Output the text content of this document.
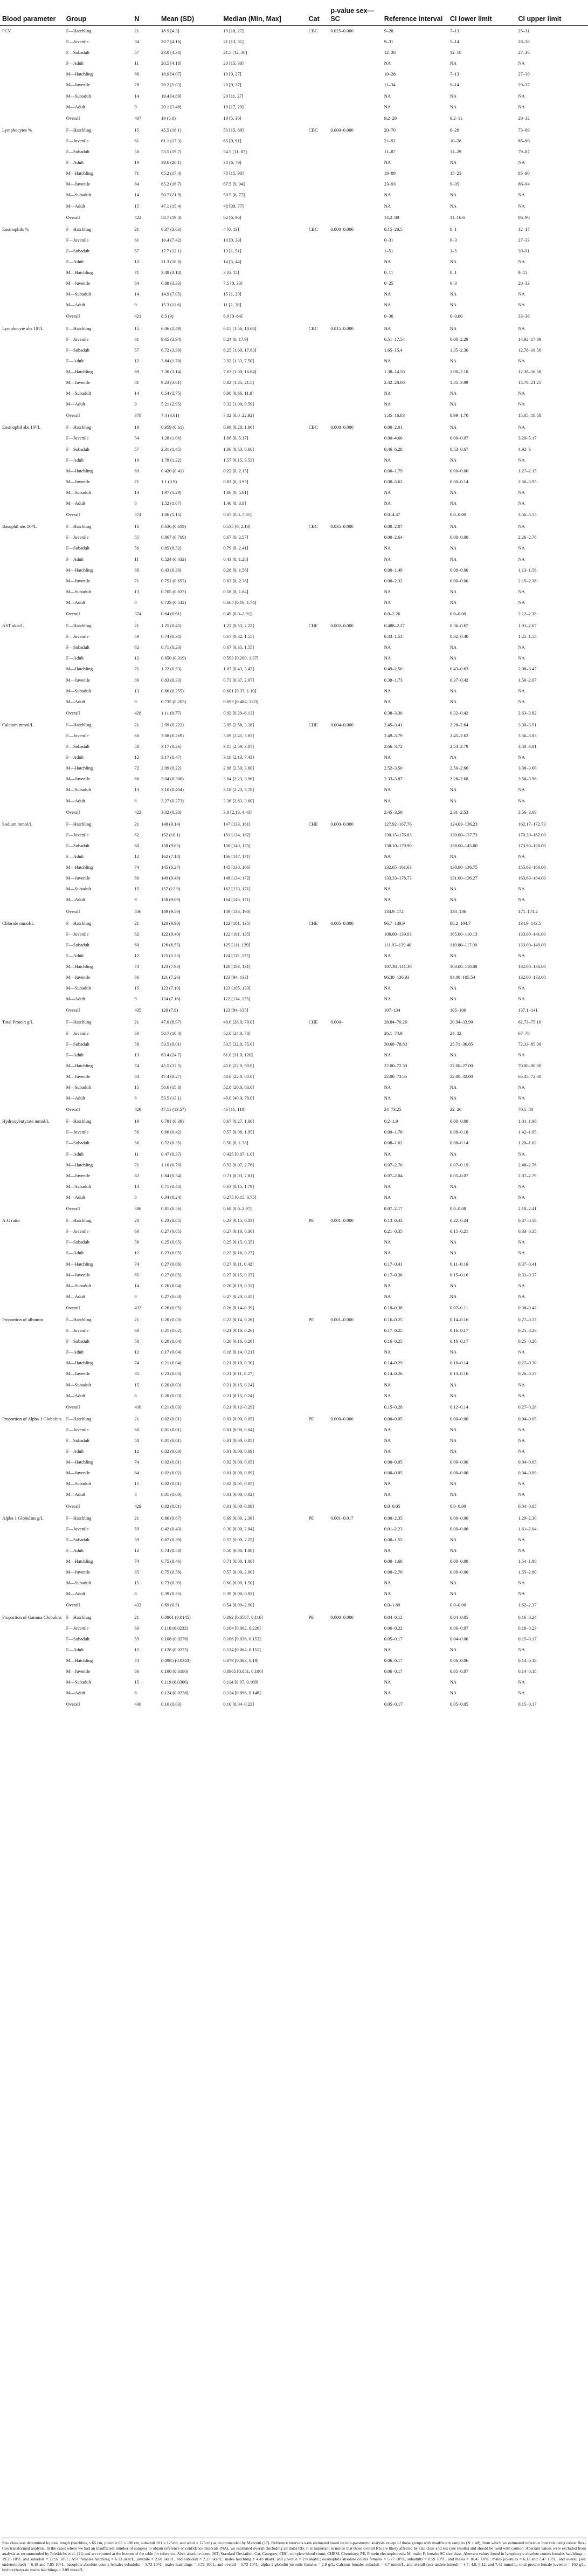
Blood parameter	Group	N	Mean (SD)	Median (Min, Max]	Cat	p-value sex—SC	Reference interval	CI lower limit	CI upper limit
PCV	F—Hatchling	21	18.9 [4.3]	19 [10, 27]	CBC	0.025–0.000	9–28	7–13	25–31
	F—Juvenile	34	20.7 [4.16]	21 [13, 31]			9–31	5–14	28–38
	F—Subadult	57	23.0 [4.30]	21.5 [12, 36]			12–36	12–18	27–36
	F—Adult	11	20.5 [4.18]	20 [15, 30]			NA	NA	NA
	M—Hatchling	68	18.9 [4.07]	19 [9, 27]			10–28	7–13	27–30
	M—Juvenile	78	20.2 [5.03]	20 [9, 37]			11–34	9–14	29–37
	M—Subadult	14	19.4 [4.89]	20 [11, 27]			NA	NA	NA
	M—Adult	9	20.1 [3.48]	19 [17, 29]			NA	NA	NA
	Overall	407	19 (5.0)	19 [5, 36]			9.2–29	8.2–11	29–32
Lymphocytes %	F—Hatchling	15	45.5 (18.1)	53 [15, 69]	CBC	0.000–0.000	20–70	8–29	73–89
	F—Juvenile	61	61.1 (17.3)	65 [9, 91]			21–92	10–28	85–90
	F—Subadult	50	53.5 (19.7)	54.5 [11, 87]			11–87	11–29	79–87
	F—Adult	19	39.6 (20.1)	34 [6, 79]			NA	NA	NA
	M—Hatchling	71	65.2 (17.4)	70 [15, 90]			19–89	15–23	85–90
	M—Juvenile	84	65.2 (16.7)	67.5 [9, 94]			23–93	9–35	86–94
	M—Subadult	14	50.7 (21.9)	50.5 [6, 77]			NA	NA	NA
	M—Adult	15	47.1 (15.4)	48 [30, 77]			NA	NA	NA
	Overall	422	58.7 (19.4)	62 [6, 96]			14.2–88	11–16.6	86–90
Eosinophils %	F—Hatchling	21	6.37 (3.63)	4 [0, 13]	CBC	0.000–0.000	0.15–20.5	0–1	12–17
	F—Juvenile	61	10.4 (7.42)	10 [0, 33]			0–31	0–3	27–33
	F—Subadult	57	17.7 (12.1)	13 [1, 51]			1–51	1–5	39–51
	F—Adult	12	21.3 (18.8)	14 [5, 44]			NA	NA	NA
	M—Hatchling	71	3.48 (3.14)	3 [0, 15]			0–11	0–1	9–15
	M—Juvenile	84	6.88 (3.33)	7.5 [0, 33]			0–25	0–3	20–33
	M—Subadult	14	14.9 (7.05)	15 [1, 29]			NA	NA	NA
	M—Adult	9	15.3 (11.6)	11 [2, 38]			NA	NA	NA
	Overall	421	8.5 (9)	6.0 [0–64]			0–36	0–0.00	33–38
Lymphocyte abs 10³/L	F—Hatchling	15	6.06 (2.49)	6.15 [1.56, 10.68]	CBC	0.015–0.000	NA	NA	NA
	F—Juvenile	61	9.65 (3.94)	8.24 [6, 17.9]			6.51–17.54	0.00–2.29	14.92–17.89
	F—Subadult	57	6.72 (3.39)	6.25 [1.60, 17.83]			1.65–15.4	1.35–2.30	12.78–16.56
	F—Adult	12	3.84 (1.70)	3.92 [1.33, 7.50]			NA	NA	NA
	M—Hatchling	69	7.30 (3.14)	7.63 [1.00, 16.64]			1.38–14.50	1.00–2.18	12.38–16.58
	M—Juvenile	81	9.23 (3.61)	8.82 [1.35, 21.5]			2.42–20.00	1.35–3.99	15.78–21.25
	M—Subadult	14	6.54 (3.75)	6.90 [0.66, 11.9]			NA	NA	NA
	M—Adult	9	5.21 (2.95)	5.32 [1.90, 9.59]			NA	NA	NA
	Overall	378	7.4 (3.61)	7.02 [0.0–22.92]			1.35–16.83	0.99–1.70	15.05–18.58
Eosinophil abs 10³/L	F—Hatchling	19	0.959 (0.61)	0.99 [0.28, 1.96]	CBC	0.000–0.000	0.00–2.01	NA	NA
	F—Juvenile	54	1.28 (1.06)	1.06 [0, 5.17]			0.00–4.66	0.00–0.07	3.20–5.17
	F—Subadult	57	2.31 (1.45)	1.86 [0.53, 6.60]			0.46–6.28	0.53–0.67	4.92–6
	F—Adult	10	1.78 (1.22)	1.57 [0.15, 3.53]			NA	NA	NA
	M—Hatchling	69	0.420 (0.41)	0.22 [0, 2.15]			0.00–1.79	0.00–0.00	1.27–2.15
	M—Juvenile	71	1.1 (0.9)	0.83 [0, 3.95]			0.00–3.62	0.00–0.14	2.56–3.95
	M—Subadult	13	1.97 (1.29)	1.86 [0, 5.61]			NA	NA	NA
	M—Adult	8	1.52 (1.07)	1.40 [0, 3.8]			NA	NA	NA
	Overall	374	1.06 (1.15)	0.67 [0.0–7.85]			0.0–4.47	0.0–0.00	3.56–5.55
Basophil abs 10³/L	F—Hatchling	16	0.636 (0.619)	0.535 [0, 2.13]	CBC	0.035–0.000	0.00–2.07	NA	NA
	F—Juvenile	55	0.867 (0.709)	0.67 [0, 2.57]			0.00–2.64	0.00–0.00	2.26–2.76
	F—Subadult	56	0.85 (0.52)	0.79 [0, 2.41]			NA	NA	NA
	F—Adult	11	0.524 (0.432)	0.43 [0, 1.28]			NA	NA	NA
	M—Hatchling	68	0.43 (0.39)	0.28 [0, 1.56]			0.00–1.49	0.00–0.00	1.13–1.56
	M—Juvenile	71	0.751 (0.653)	0.63 [0, 2.38]			0.00–2.32	0.00–0.00	2.15–2.38
	M—Subadult	13	0.705 (0.637)	0.58 [0, 1.84]			NA	NA	NA
	M—Adult	8	0.723 (0.542)	0.665 [0.16, 1.74]			NA	NA	NA
	Overall	374	0.64 (0.61)	0.49 [0.0–2.91]			0.0–2.26	0.0–0.00	2.12–2.38
AST ukat/L	F—Hatchling	21	1.25 (0.45)	1.22 [0.53, 2.22]	CHE	0.002–0.000	0.488–2.27	0.36–0.67	1.91–2.67
	F—Juvenile	59	0.74 (0.30)	0.67 [0.32, 1.55]			0.33–1.53	0.32–0.40	1.25–1.55
	F—Subadult	62	0.71 (0.23)	0.67 [0.35, 1.55]			NA	NA	NA
	F—Adult	12	0.650 (0.319)	0.593 [0.200, 1.37]			NA	NA	NA
	M—Hatchling	71	1.22 (0.53)	1.07 [0.43, 3.47]			0.49–2.50	0.43–0.63	2.08–3.47
	M—Juvenile	86	0.83 (0.33)	0.73 [0.37, 2.07]			0.38–1.73	0.37–0.42	1.50–2.07
	M—Subadult	13	0.66 (0.255)	0.601 [0.37, 1.10]			NA	NA	NA
	M—Adult	9	0.735 (0.203)	0.693 [0.484, 1.03]			NA	NA	NA
	Overall	428	1.11 (0.77)	0.92 [0.20–6.13]			0.38–3.30	0.32–0.42	2.63–3.82
Calcium mmol/L	F—Hatchling	21	2.99 (0.222)	3.05 [2.58, 3.38]	CHE	0.004–0.000	2.45–3.41	2.28–2.64	3.30–3.51
	F—Juvenile	60	3.08 (0.269)	3.09 [2.45, 3.83]			2.49–3.79	2.45–2.62	3.56–3.83
	F—Subadult	58	3.17 (0.26)	3.15 [2.59, 3.87]			2.66–3.72	2.54–2.79	3.58–3.81
	F—Adult	12	3.17 (0.47)	3.18 [2.13, 7.43]			NA	NA	NA
	M—Hatchling	72	2.99 (0.22)	2.98 [2.50, 3.60]			2.52–3.50	2.50–2.66	3.38–3.60
	M—Juvenile	86	3.04 (0.306)	3.04 [2.23, 3.96]			2.33–3.87	2.28–2.68	3.58–3.96
	M—Subadult	13	3.10 (0.404)	3.18 [2.23, 3.78]			NA	NA	NA
	M—Adult	8	3.27 (0.273)	3.36 [2.83, 3.60]			NA	NA	NA
	Overall	423	3.02 (0.30)	3.0 [2.13, 4.43]			2.45–3.59	2.31–2.53	3.56–3.69
Sodium mmol/L	F—Hatchling	21	148 (9.14)	147 [133, 161]	CHE	0.000–0.000	127.92–167.76	124.03–136.23	162.17–172.73
	F—Juvenile	62	152 (10.1)	151 [134, 182]			130.15–176.83	130.00–137.73	170.30–182.00
	F—Subadult	60	158 (9.65)	158 [140, 175]			138.10–179.90	138.00–145.00	173.90–180.00
	F—Adult	12	162 (7.14)	166 [147, 171]			NA	NA	NA
	M—Hatchling	74	145 (6.27)	145 [130, 166]			132.65–161.63	130.00–136.75	155.63–166.00
	M—Juvenile	86	149 (9.49)	148 [134, 172]			133.33–178.73	131.00–136.27	163.63–184.00
	M—Subadult	15	157 (12.9)	162 [133, 171]			NA	NA	NA
	M—Adult	9	158 (9.09)	164 [145, 171]			NA	NA	NA
	Overall	436	149 (9.59)	149 [133, 190]			134.9–172	133–136	171–174.2
Chloride mmol/L	F—Hatchling	21	120 (9.90)	122 [101, 135]	CHE	0.005–0.000	96.7–139.9	88.2–104.7	134.9–143.5
	F—Juvenile	62	122 (9.40)	122 [101, 135]			108.00–139.03	105.00–110.13	133.00–141.00
	F—Subadult	60	126 (6.55)	125 [111, 139]			111.03–139.40	110.00–117.00	133.00–140.00
	F—Adult	12	125 (5.33)	124 [115, 135]			NA	NA	NA
	M—Hatchling	74	123 (7.93)	120 [103, 131]			107.38–141.38	103.00–110.08	132.00–136.00
	M—Juvenile	86	121 (7.26)	123 [94, 133]			96.30–136.93	94.00–105.54	132.00–133.00
	M—Subadult	15	123 (7.10)	123 [105, 133]			NA	NA	NA
	M—Adult	9	124 (7.16)	122 [114, 135]			NA	NA	NA
	Overall	435	120 (7.9)	123 [94–135]			107–134	105–106	137.1–141
Total Protein g/L	F—Hatchling	21	47.0 (8.97)	49.0 [28.0, 70.0]	CHE	0.000–	28.84–70.26	20.94–33.90	62.73–75.16
	F—Juvenile	60	50.7 (10.4)	52.0 [24.0, 78]			26.1–74.9	24–32	67–78
	F—Subadult	58	53.5 (9.01)	53.5 [32.0, 75.0]			30.68–78.83	25.71–36.85	72.33–85.00
	F—Adult	13	63.4 (24.7)	61.0 [31.0, 120]			NA	NA	NA
	M—Hatchling	74	45.5 (12.5)	45.0 [22.0, 90.0]			22.00–72.50	22.00–27.00	70.00–90.00
	M—Juvenile	84	47.4 (8.27)	48.0 [22.0, 80.0]			22.00–73.55	22.00–32.00	65.45–72.00
	M—Subadult	15	50.6 (15.8)	52.0 [20.0, 83.0]			NA	NA	NA
	M—Adult	8	53.5 (13.1)	49.0 [40.0, 78.0]			NA	NA	NA
	Overall	429	47.11 (13.57)	46 [11, 110]			24–73.25	22–26	70.5–80
Hydroxybutyrate mmol/L	F—Hatchling	19	0.781 (0.39)	0.67 [0.27, 1.00]			0.2–1.9	0.00–0.00	1.01–1.96
	F—Juvenile	56	0.66 (0.42)	0.57 [0.08, 1.95]			0.09–1.78	0.08–0.18	1.42–1.95
	F—Subadult	56	0.52 (0.35)	0.50 [0, 1.38]			0.08–1.62	0.08–0.14	1.20–1.62
	F—Adult	11	0.47 (0.37)	0.425 [0.07, 1.0]			NA	NA	NA
	M—Hatchling	71	1.10 (0.70)	0.92 [0.07, 2.76]			0.07–2.70	0.07–0.19	2.48–2.76
	M—Juvenile	82	0.84 (0.54)	0.71 [0.03, 2.81]			0.07–2.04	0.05–0.07	2.07–2.79
	M—Subadult	14	0.71 (0.44)	0.63 [0.15, 1.79]			NA	NA	NA
	M—Adult	8	0.34 (0.24)	0.275 [0.15, 0.75]			NA	NA	NA
	Overall	386	0.81 (0.56)	0.68 [0.0–2.97]			0.07–2.17	0.0–0.08	2.10–2.41
A:G ratio	F—Hatchling	20	0.23 (0.05)	0.23 [0.15, 0.33]	PE	0.001–0.000	0.13–0.43	0.22–0.24	0.37–0.58
	F—Juvenile	60	0.27 (0.05)	0.27 [0.16, 0.36]			0.21–0.35	0.15–0.21	0.33–0.35
	F—Subadult	58	0.25 (0.05)	0.25 [0.15, 0.35]			NA	NA	NA
	F—Adult	12	0.23 (0.05)	0.22 [0.16, 0.27]			NA	NA	NA
	M—Hatchling	74	0.27 (0.06)	0.27 [0.11, 0.42]			0.17–0.41	0.11–0.16	0.37–0.41
	M—Juvenile	85	0.27 (0.05)	0.27 [0.15, 0.37]			0.17–0.36	0.15–0.16	0.33–0.37
	M—Subadult	14	0.26 (0.04)	0.26 [0.19, 0.32]			NA	NA	NA
	M—Adult	8	0.27 (0.04)	0.27 [0.23, 0.35]			NA	NA	NA
	Overall	432	0.26 (0.05)	0.26 [0.14–0.39]			0.18–0.38	0.07–0.11	0.38–0.42
Proportion of albumin	F—Hatchling	21	0.20 (0.03)	0.22 [0.14, 0.26]	PE	0.001–0.000	0.16–0.25	0.14–0.16	0.27–0.27
	F—Juvenile	60	0.21 (0.02)	0.21 [0.16, 0.26]			0.17–0.25	0.16–0.17	0.25–0.26
	F—Subadult	58	0.20 (0.04)	0.20 [0.16, 0.26]			0.16–0.25	0.16–0.17	0.25–0.26
	F—Adult	12	0.17 (0.04)	0.18 [0.14, 0.21]			NA	NA	NA
	M—Hatchling	74	0.21 (0.04)	0.21 [0.10, 0.30]			0.14–0.29	0.10–0.14	0.27–0.30
	M—Juvenile	85	0.23 (0.03)	0.21 [0.11, 0.27]			0.14–0.26	0.13–0.16	0.26–0.27
	M—Subadult	15	0.20 (0.03)	0.21 [0.15, 0.24]			NA	NA	NA
	M—Adult	8	0.20 (0.03)	0.21 [0.15, 0.24]			NA	NA	NA
	Overall	430	0.21 (0.03)	0.21 [0.12–0.29]			0.15–0.28	0.12–0.14	0.27–0.28
Proportion of Alpha 1 Globulins	F—Hatchling	21	0.02 (0.01)	0.01 [0.00, 0.05]	PE	0.000–0.000	0.00–0.05	0.00–0.00	0.04–0.05
	F—Juvenile	60	0.01 (0.01)	0.01 [0.00, 0.04]			NA	NA	NA
	F—Subadult	58	0.01 (0.01)	0.01 [0.00, 0.05]			NA	NA	NA
	F—Adult	12	0.02 (0.03)	0.01 [0.00, 0.09]			NA	NA	NA
	M—Hatchling	74	0.02 (0.01)	0.02 [0.00, 0.05]			0.00–0.05	0.00–0.00	0.04–0.05
	M—Juvenile	84	0.02 (0.02)	0.01 [0.00, 0.09]			0.00–0.05	0.00–0.00	0.04–0.09
	M—Subadult	15	0.02 (0.01)	0.02 [0.01, 0.05]			NA	NA	NA
	M—Adult	8	0.01 (0.00)	0.01 [0.00, 0.02]			NA	NA	NA
	Overall	429	0.02 (0.01)	0.01 [0.00–0.09]			0.0–0.05	0.0–0.00	0.04–0.05
Alpha 1 Globulins g/L	F—Hatchling	21	0.86 (0.67)	0.69 [0.00, 2.36]	PE	0.001–0.017	0.00–2.35	0.00–0.00	1.29–2.30
	F—Juvenile	59	0.42 (0.43)	0.30 [0.00, 2.04]			0.01–2.23	0.00–0.00	1.61–2.04
	F—Subadult	59	0.67 (0.39)	0.57 [0.00, 2.25]			0.00–1.55	NA	NA
	F—Adult	12	0.74 (0.58)	0.50 [0.00, 1.80]			NA	NA	NA
	M—Hatchling	74	0.75 (0.46)	0.71 [0.00, 1.80]			0.00–1.68	0.00–0.00	1.54–1.80
	M—Juvenile	85	0.75 (0.58)	0.57 [0.00, 2.90]			0.00–2.70	0.00–0.00	1.55–2.80
	M—Subadult	15	0.73 (0.39)	0.60 [0.00, 1.50]			NA	NA	NA
	M—Adult	8	0.39 (0.35)	0.39 [0.00, 0.92]			NA	NA	NA
	Overall	432	0.69 (0.5)	0.54 [0.00–2.90]			0.0–1.89	0.0–0.00	1.62–2.37
Proportion of Gamma Globulins	F—Hatchling	21	0.0961 (0.0145)	0.092 [0.0587, 0.116]	PE	0.000–0.000	0.04–0.12	0.04–0.05	0.16–0.24
	F—Juvenile	60	0.110 (0.0232)	0.104 [0.062, 0.226]			0.06–0.22	0.06–0.07	0.18–0.23
	F—Subadult	59	0.108 (0.0276)	0.106 [0.036, 0.153]			0.05–0.17	0.04–0.06	0.15–0.17
	F—Adult	12	0.128 (0.0275)	0.124 [0.064, 0.151]			NA	NA	NA
	M—Hatchling	74	0.0985 (0.0343)	0.079 [0.063, 0.18]			0.06–0.17	0.06–0.06	0.14–0.18
	M—Juvenile	86	0.100 (0.0190)	0.0965 [0.051, 0.186]			0.06–0.17	0.05–0.07	0.14–0.18
	M—Subadult	15	0.119 (0.0306)	0.114 [0.07, 0.169]			NA	NA	NA
	M—Adult	8	0.124 (0.0238)	0.124 [0.096, 0.148]			NA	NA	NA
	Overall	430	0.10 (0.03)	0.10 [0.04–0.23]			0.05–0.17	0.05–0.05	0.15–0.17
Size class was determined by total length (hatchling ≤ 65 cm, juvenile 65 ≤ 100 cm, subadult 101 ≤ 125cm, and adult ≥ 125cm) as recommended by Mazzotti (17). Reference intervals were estimated based on non-parametric analysis except of those groups with insufficient samples (N < 40), from which we estimated reference intervals using robust Box-Cox transformed analysis. In the cases where we had an insufficient number of samples to obtain reference or confidence intervals (NA), we estimated overall (including all data) RIs. It is important to notice that those overall RIs are likely affected by size class and sex (see results) and should be used with caution. Aberrant values were excluded from analysis as recommended by Friedrichs et al. (11) and are reported at the bottom of the table for reference. Also, absolute count (SD) Standard Deviation; Cat, Category; CBC, complete blood count; CHEM, Chemistry; PE, Protein electrophoresis; M, male; F, female; SC size class. Aberrant values found in lymphocyte absolute counts females hatchlings = 19.25 10³/L and subadult = 22.92 10³/L; AST females hatchling = 6.13 ukat/L, juvenile = 2.60 ukat/L, and subadult = 2.27 ukat/L; males hatchling = 4.43 ukat/L and juvenile = 2.8 ukat/L; eosinophils absolute counts females = 5.77 10³/L, subadults = 8.59 10³/L, and males = 10.45 10³/L; males juveniles = 6.11 and 7.47 10³/L, and overall (sex undetermined) = 6.18 and 7.85 10³/L; basophils absolute counts females subadults = 5.73 10³/L, males hatchlings = 3.72 10³/L, and overall = 5.73 10³/L; alpha-1 globulin juvenile females = 2.8 g/L; Calcium females subadult = 4.7 mmol/L, and overall (sex undetermined) = 4.7, 4.8, 6.12, and 7.42 mmol/L; total protein female juvenile = 160 g/L; hydroxybutyrate males hatchlings = 3.09 mmol/L.
